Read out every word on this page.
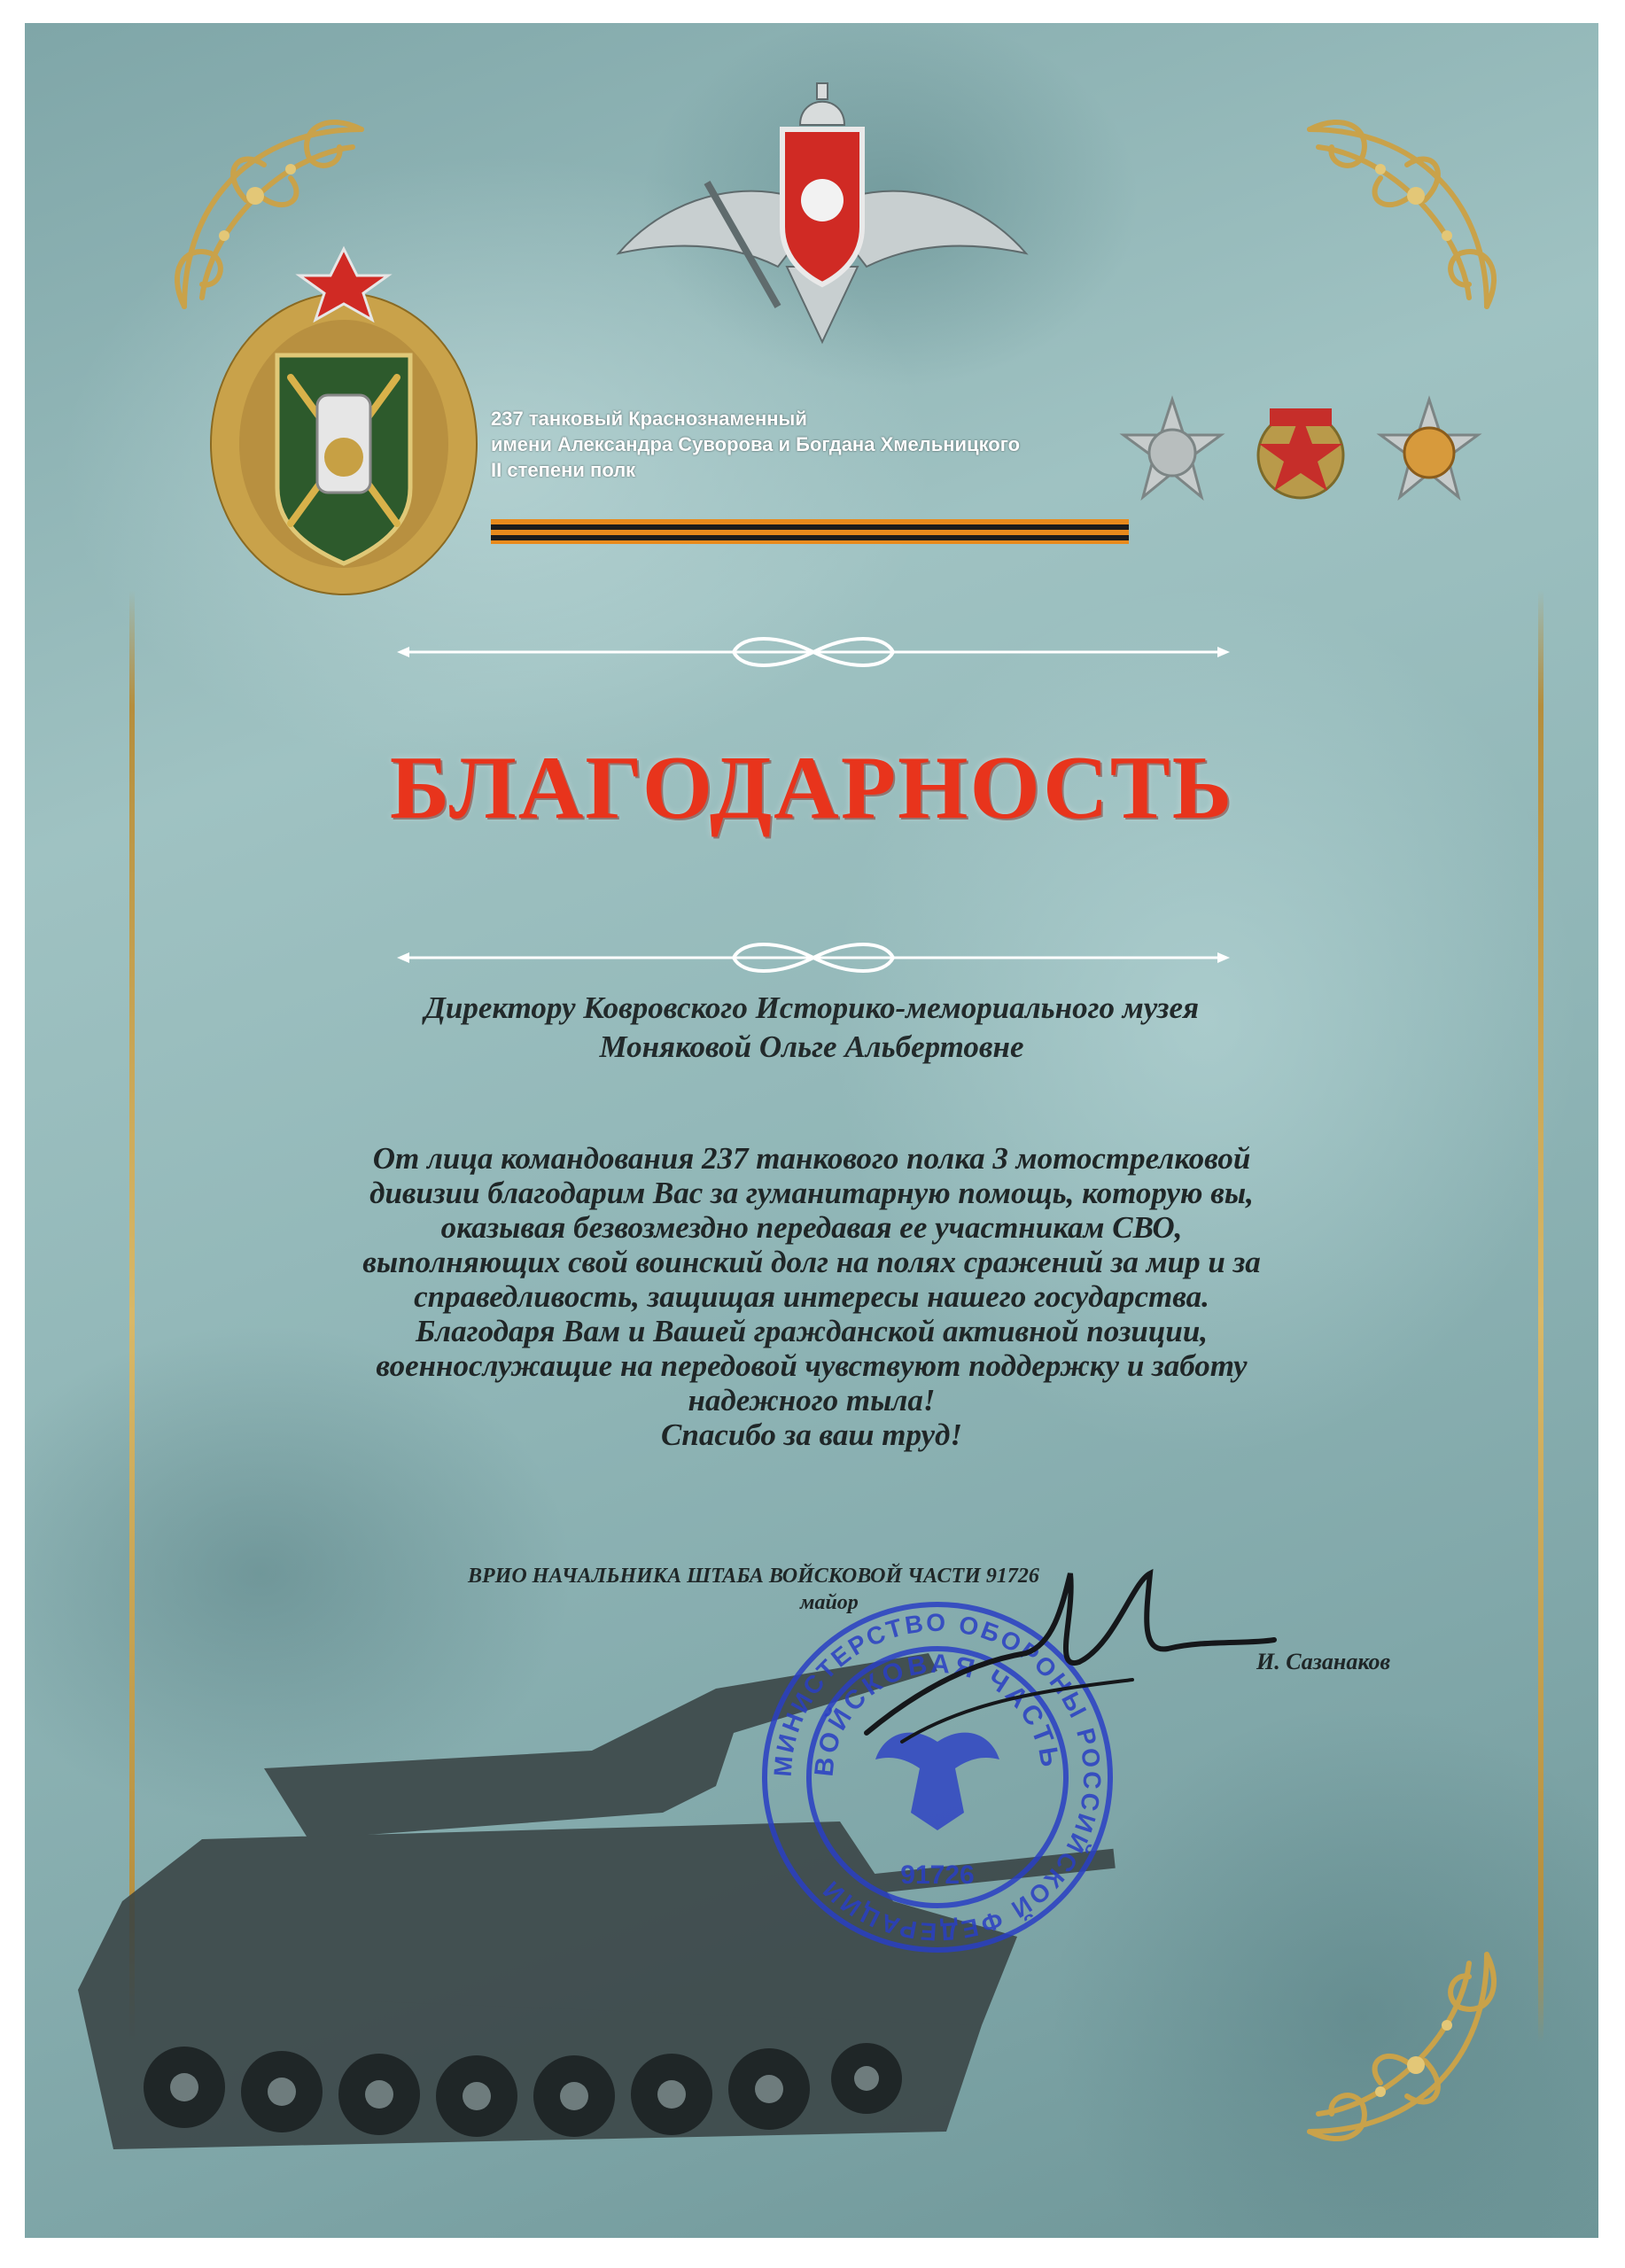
237 танковый Краснознаменный
имени Александра Суворова и Богдана Хмельницкого
II степени полк
БЛАГОДАРНОСТЬ
Директору Ковровского Историко-мемориального музея
Моняковой Ольге Альбертовне
От лица командования 237 танкового полка 3 мотострелковой
дивизии благодарим Вас за гуманитарную помощь, которую вы,
оказывая безвозмездно передавая ее участникам СВО,
выполняющих свой воинский долг на полях сражений за мир и за
справедливость, защищая интересы нашего государства.
Благодаря Вам и Вашей гражданской активной позиции,
военнослужащие на передовой чувствуют поддержку и заботу
надежного тыла!
Спасибо за ваш труд!
ВРИО НАЧАЛЬНИКА ШТАБА ВОЙСКОВОЙ ЧАСТИ 91726
майор
И. Сазанаков
МИНИСТЕРСТВО ОБОРОНЫ РОССИЙСКОЙ ФЕДЕРАЦИИ
ВОЙСКОВАЯ ЧАСТЬ
91726
